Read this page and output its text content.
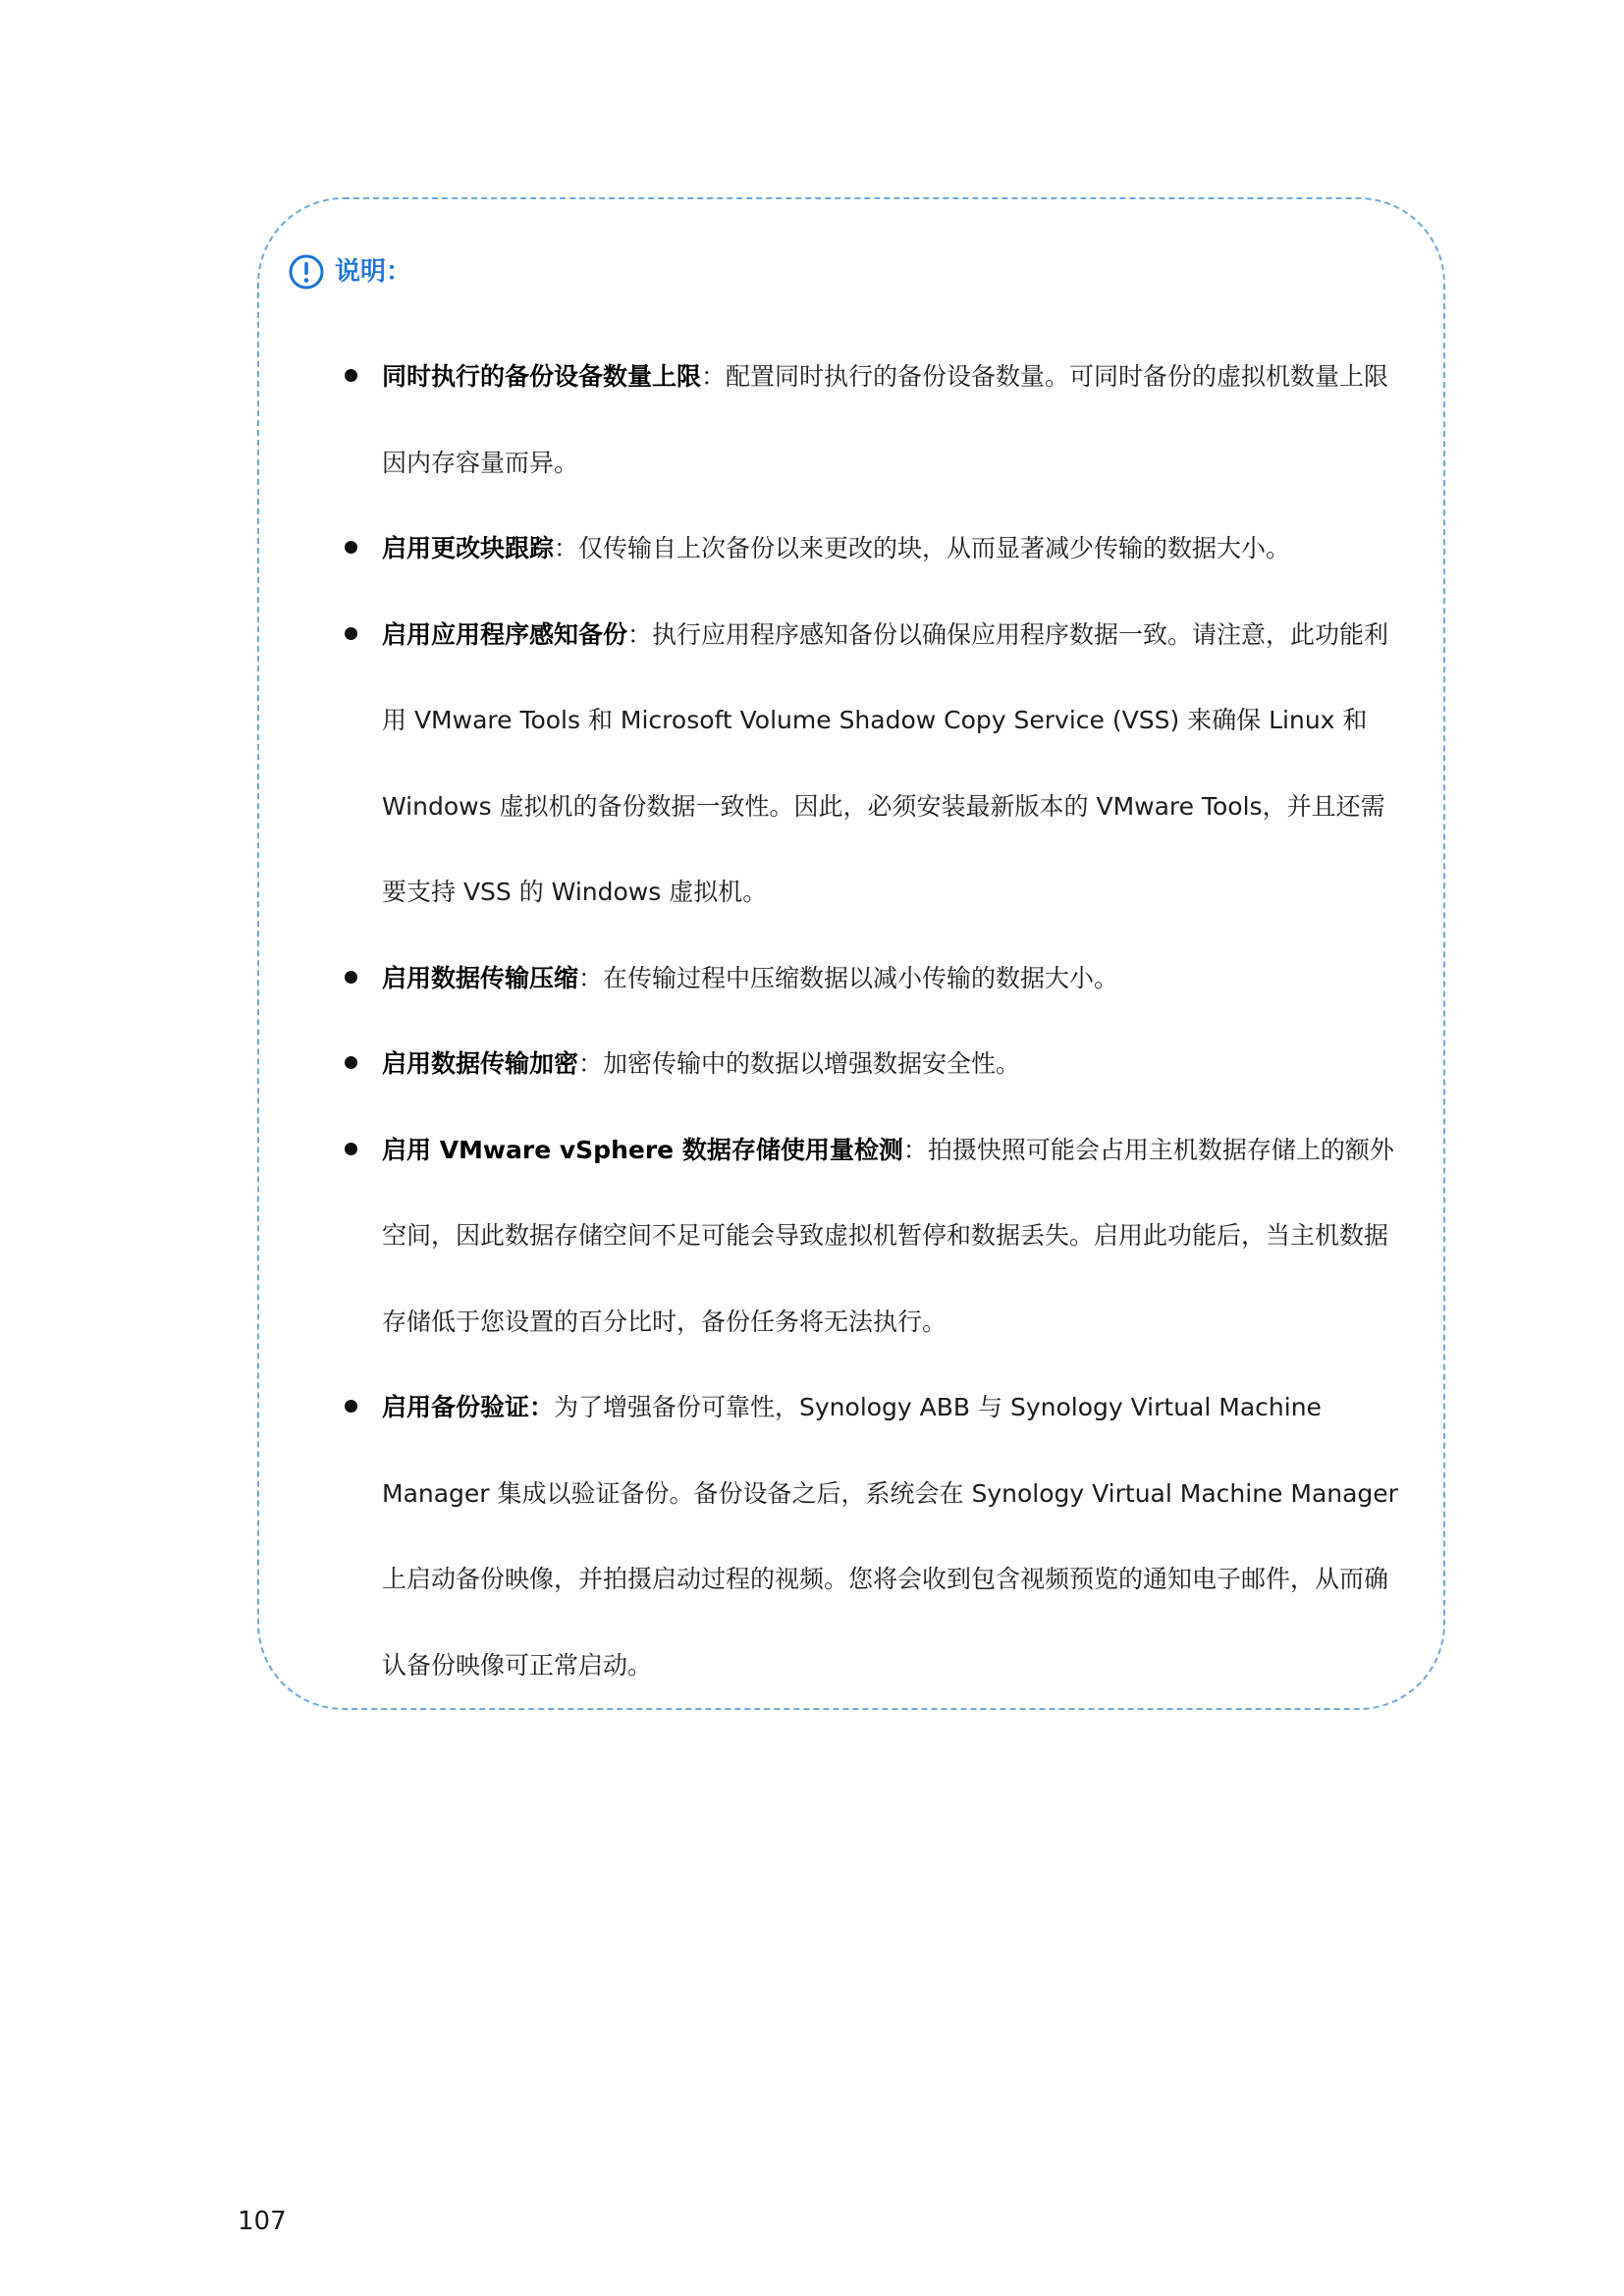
说明：
同时执行的备份设备数量上限：配置同时执行的备份设备数量。可同时备份的虚拟机数量上限因内存容量而异。
启用更改块跟踪：仅传输自上次备份以来更改的块，从而显著减少传输的数据大小。
启用应用程序感知备份：执行应用程序感知备份以确保应用程序数据一致。请注意，此功能利用 VMware Tools 和 Microsoft Volume Shadow Copy Service (VSS) 来确保 Linux 和 Windows 虚拟机的备份数据一致性。因此，必须安装最新版本的 VMware Tools，并且还需要支持 VSS 的 Windows 虚拟机。
启用数据传输压缩：在传输过程中压缩数据以减小传输的数据大小。
启用数据传输加密：加密传输中的数据以增强数据安全性。
启用 VMware vSphere 数据存储使用量检测：拍摄快照可能会占用主机数据存储上的额外空间，因此数据存储空间不足可能会导致虚拟机暂停和数据丢失。启用此功能后，当主机数据存储低于您设置的百分比时，备份任务将无法执行。
启用备份验证：为了增强备份可靠性，Synology ABB 与 Synology Virtual Machine Manager 集成以验证备份。备份设备之后，系统会在 Synology Virtual Machine Manager 上启动备份映像，并拍摄启动过程的视频。您将会收到包含视频预览的通知电子邮件，从而确认备份映像可正常启动。
107
